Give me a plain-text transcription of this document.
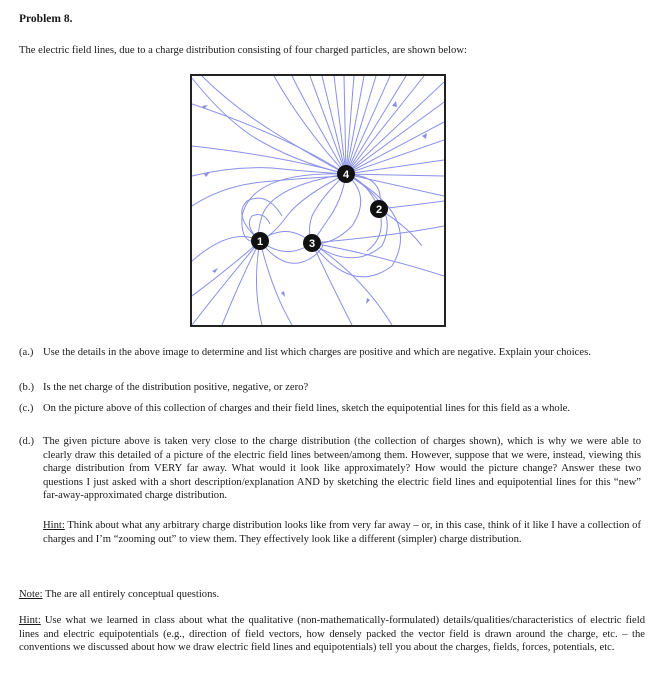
Problem 8.
The electric field lines, due to a charge distribution consisting of four charged particles, are shown below:
1	3
4
2
(a.) Use the details in the above image to determine and list which charges are positive and which are negative. Explain your choices.
(b.) Is the net charge of the distribution positive, negative, or zero?
(c.) On the picture above of this collection of charges and their field lines, sketch the equipotential lines for this field as a whole.
(d.) The given picture above is taken very close to the charge distribution (the collection of charges shown), which is why we were able to clearly draw this detailed of a picture of the electric field lines between/among them. However, suppose that we were, instead, viewing this charge distribution from VERY far away. What would it look like approximately? How would the picture change? Answer these two questions I just asked with a short description/explanation AND by sketching the electric field lines and equipotential lines for this “new” far-away-approximated charge distribution.
Hint: Think about what any arbitrary charge distribution looks like from very far away – or, in this case, think of it like I have a collection of charges and I’m “zooming out” to view them. They effectively look like a different (simpler) charge distribution.
Note: The are all entirely conceptual questions.
Hint: Use what we learned in class about what the qualitative (non-mathematically-formulated) details/qualities/characteristics of electric field lines and electric equipotentials (e.g., direction of field vectors, how densely packed the vector field is drawn around the charge, etc. – the conventions we discussed about how we draw electric field lines and equipotentials) tell you about the charges, fields, forces, potentials, etc.
